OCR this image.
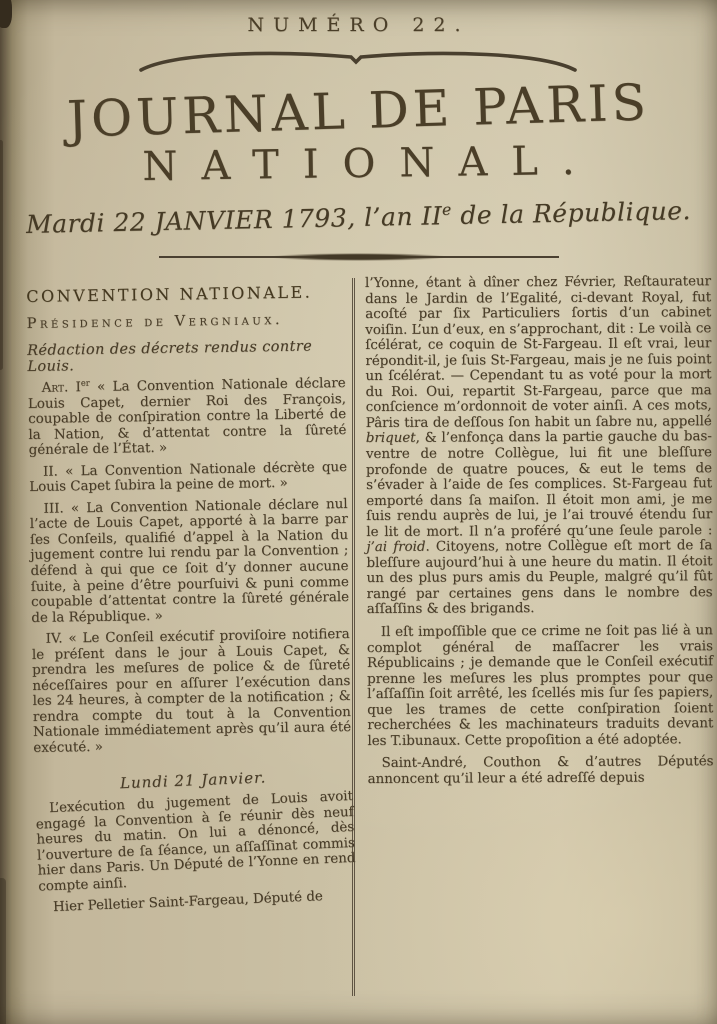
NUMÉRO 22.
JOURNAL DE PARIS
NATIONAL.
Mardi 22 JANVIER 1793, l’an IIe de la République.
CONVENTION NATIONALE.
Présidence de Vergniaux.
Rédaction des décrets rendus contre Louis.

Art. Ier « La Convention Nationale déclare Louis Capet, dernier Roi des François, coupable de conſpiration contre la Liberté de la Nation, & d’attentat contre la ſûreté générale de l’État. »

II. « La Convention Nationale décrète que Louis Capet ſubira la peine de mort. »

III. « La Convention Nationale déclare nul l’acte de Louis Capet, apporté à la barre par ſes Conſeils, qualifié d’appel à la Nation du jugement contre lui rendu par la Convention ; défend à qui que ce ſoit d’y donner aucune ſuite, à peine d’être pourſuivi & puni comme coupable d’attentat contre la ſûreté générale de la République. »

IV. « Le Conſeil exécutif proviſoire notifiera le préſent dans le jour à Louis Capet, & prendra les meſures de police & de ſûreté néceſſaires pour en aſſurer l’exécution dans les 24 heures, à compter de la notification ; & rendra compte du tout à la Convention Nationale immédiatement après qu’il aura été exécuté. »

Lundi 21 Janvier.

L’exécution du jugement de Louis avoit engagé la Convention à ſe réunir dès neuf heures du matin. On lui a dénoncé, dès l’ouverture de ſa ſéance, un aſſaſſinat commis hier dans Paris. Un Député de l’Yonne en rend compte ainſi.

Hier Pelletier Saint-Fargeau, Député de

l’Yonne, étant à dîner chez Février, Reſtaurateur dans le Jardin de l’Egalité, ci-devant Royal, fut acoſté par ſix Particuliers ſortis d’un cabinet voiſin. L’un d’eux, en s’approchant, dit : Le voilà ce ſcélérat, ce coquin de St-Fargeau. Il eſt vrai, leur répondit-il, je ſuis St-Fargeau, mais je ne ſuis point un ſcélérat. — Cependant tu as voté pour la mort du Roi. Oui, repartit St-Fargeau, parce que ma conſcience m’ordonnoit de voter ainſi. A ces mots, Pâris tira de deſſous ſon habit un ſabre nu, appellé briquet, & l’enfonça dans la partie gauche du bas-ventre de notre Collègue, lui fit une bleſſure profonde de quatre pouces, & eut le tems de s’évader à l’aide de ſes complices. St-Fargeau fut emporté dans ſa maiſon. Il étoit mon ami, je me ſuis rendu auprès de lui, je l’ai trouvé étendu ſur le lit de mort. Il n’a proféré qu’une ſeule parole : j’ai froid. Citoyens, notre Collègue eſt mort de ſa bleſſure aujourd’hui à une heure du matin. Il étoit un des plus purs amis du Peuple, malgré qu’il fût rangé par certaines gens dans le nombre des aſſaſſins & des brigands.

Il eſt impoſſible que ce crime ne ſoit pas lié à un complot général de maſſacrer les vrais Républicains ; je demande que le Conſeil exécutif prenne les meſures les plus promptes pour que l’aſſaſſin ſoit arrêté, les ſcellés mis ſur ſes papiers, que les trames de cette conſpiration ſoient recherchées & les machinateurs traduits devant les T.ibunaux. Cette propoſition a été adoptée.

Saint-André, Couthon & d’autres Députés annoncent qu’il leur a été adreſſé depuis
